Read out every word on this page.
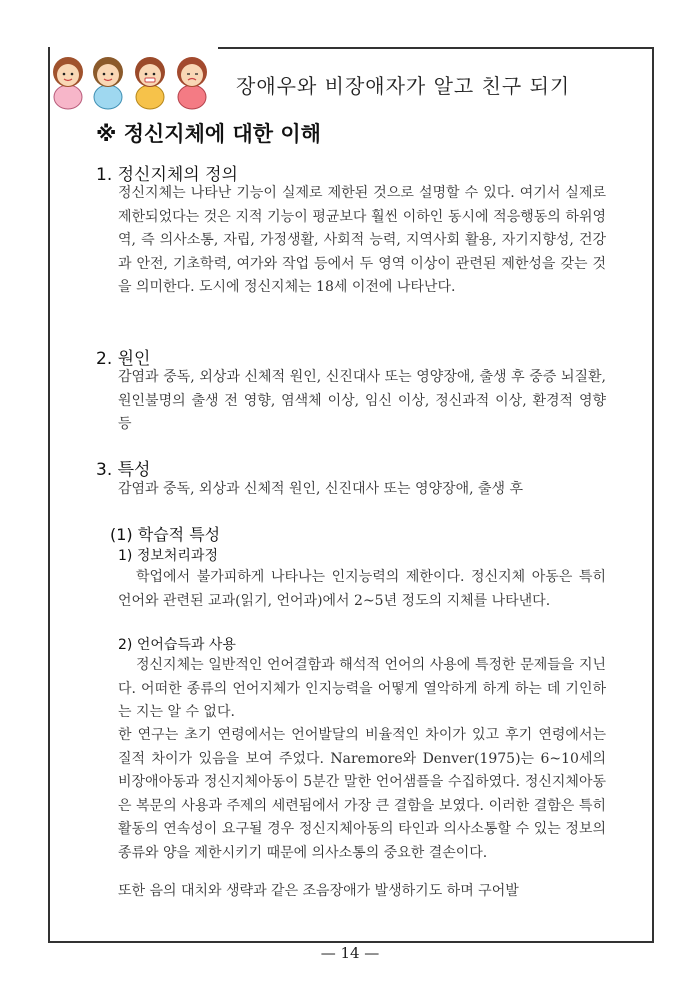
장애우와 비장애자가 알고 친구 되기
※ 정신지체에 대한 이해
1. 정신지체의 정의
정신지체는 나타난 기능이 실제로 제한된 것으로 설명할 수 있다. 여기서 실제로 제한되었다는 것은 지적 기능이 평균보다 훨씬 이하인 동시에 적응행동의 하위영역, 즉 의사소통, 자립, 가정생활, 사회적 능력, 지역사회 활용, 자기지향성, 건강과 안전, 기초학력, 여가와 작업 등에서 두 영역 이상이 관련된 제한성을 갖는 것을 의미한다. 도시에 정신지체는 18세 이전에 나타난다.
2. 원인
감염과 중독, 외상과 신체적 원인, 신진대사 또는 영양장애, 출생 후 중증 뇌질환, 원인불명의 출생 전 영향, 염색체 이상, 임신 이상, 정신과적 이상, 환경적 영향 등
3. 특성
감염과 중독, 외상과 신체적 원인, 신진대사 또는 영양장애, 출생 후
(1) 학습적 특성
1) 정보처리과정
학업에서 불가피하게 나타나는 인지능력의 제한이다. 정신지체 아동은 특히 언어와 관련된 교과(읽기, 언어과)에서 2~5년 정도의 지체를 나타낸다.
2) 언어습득과 사용
정신지체는 일반적인 언어결함과 해석적 언어의 사용에 특정한 문제들을 지닌다. 어떠한 종류의 언어지체가 인지능력을 어떻게 열악하게 하게 하는 데 기인하는 지는 알 수 없다.
한 연구는 초기 연령에서는 언어발달의 비율적인 차이가 있고 후기 연령에서는 질적 차이가 있음을 보여 주었다. Naremore와 Denver(1975)는 6~10세의 비장애아동과 정신지체아동이 5분간 말한 언어샘플을 수집하였다. 정신지체아동은 복문의 사용과 주제의 세련됨에서 가장 큰 결함을 보였다. 이러한 결함은 특히 활동의 연속성이 요구될 경우 정신지체아동의 타인과 의사소통할 수 있는 정보의 종류와 양을 제한시키기 때문에 의사소통의 중요한 결손이다.
또한 음의 대치와 생략과 같은 조음장애가 발생하기도 하며 구어발
— 14 —
